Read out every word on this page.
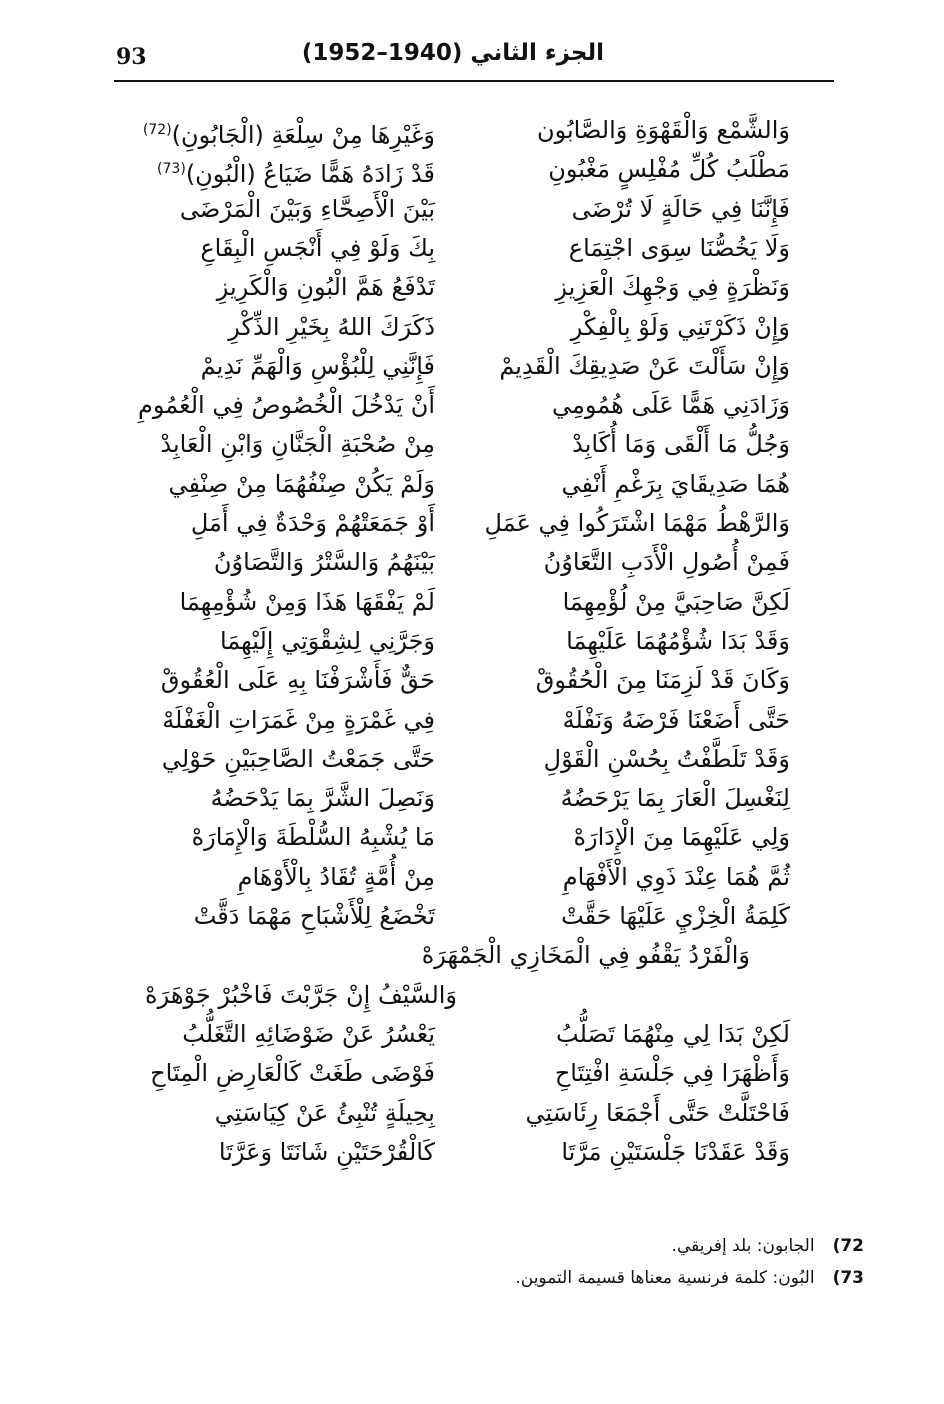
93	الجزء الثاني (1940–1952)
وَالشَّمْع وَالْقَهْوَةِ وَالصَّابُون
وَغَيْرِهَا مِنْ سِلْعَةِ (الْجَابُونِ)$^{(72)}$
مَطْلَبُ كُلِّ مُفْلِسٍ مَغْبُونِ
قَدْ زَادَهُ هَمًّا ضَيَاعُ (الْبُونِ)$^{(73)}$
فَإِنَّنَا فِي حَالَةٍ لَا تُرْضَى
بَيْنَ الْأَصِحَّاءِ وَبَيْنَ الْمَرْضَى
وَلَا يَخُصُّنَا سِوَى اجْتِمَاع
بِكَ وَلَوْ فِي أَنْجَسِ الْبِقَاعِ
وَنَظْرَةٍ فِي وَجْهِكَ الْعَزِيزِ
تَدْفَعُ هَمَّ الْبُونِ وَالْكَرِيزِ
وَإِنْ ذَكَرْتَنِي وَلَوْ بِالْفِكْرِ
ذَكَرَكَ اللهُ بِخَيْرِ الذِّكْرِ
وَإِنْ سَأَلْتَ عَنْ صَدِيقِكَ الْقَدِيمْ
فَإِنَّنِي لِلْبُؤْسِ وَالْهَمِّ نَدِيمْ
وَزَادَنِي هَمًّا عَلَى هُمُومِي
أَنْ يَدْخُلَ الْخُصُوصُ فِي الْعُمُومِ
وَجُلُّ مَا أَلْقَى وَمَا أُكَابِدْ
مِنْ صُحْبَةِ الْجَنَّانِ وَابْنِ الْعَابِدْ
هُمَا صَدِيقَايَ بِرَغْمِ أَنْفِي
وَلَمْ يَكُنْ صِنْفُهُمَا مِنْ صِنْفِي
وَالرَّهْطُ مَهْمَا اشْتَرَكُوا فِي عَمَلِ
أَوْ جَمَعَتْهُمْ وَحْدَةٌ فِي أَمَلِ
فَمِنْ أُصُولِ الْأَدَبِ التَّعَاوُنُ
بَيْنَهُمُ وَالسَّتْرُ وَالتَّصَاوُنُ
لَكِنَّ صَاحِبَيَّ مِنْ لُؤْمِهِمَا
لَمْ يَفْقَهَا هَذَا وَمِنْ شُؤْمِهِمَا
وَقَدْ بَدَا شُؤْمُهُمَا عَلَيْهِمَا
وَجَرَّنِي لِشِقْوَتِي إِلَيْهِمَا
وَكَانَ قَدْ لَزِمَنَا مِنَ الْحُقُوقْ
حَقٌّ فَأَشْرَفْنَا بِهِ عَلَى الْعُقُوقْ
حَتَّى أَضَعْنَا فَرْضَهُ وَنَفْلَهْ
فِي غَمْرَةٍ مِنْ غَمَرَاتِ الْغَفْلَهْ
وَقَدْ تَلَطَّفْتُ بِحُسْنِ الْقَوْلِ
حَتَّى جَمَعْتُ الصَّاحِبَيْنِ حَوْلِي
لِنَغْسِلَ الْعَارَ بِمَا يَرْحَضُهُ
وَنَصِلَ الشَّرَّ بِمَا يَدْحَضُهُ
وَلِي عَلَيْهِمَا مِنَ الْإِدَارَهْ
مَا يُشْبِهُ السُّلْطَةَ وَالْإِمَارَهْ
ثُمَّ هُمَا عِنْدَ ذَوِي الْأَفْهَامِ
مِنْ أُمَّةٍ تُقَادُ بِالْأَوْهَامِ
كَلِمَةُ الْخِزْيِ عَلَيْهَا حَقَّتْ
تَخْضَعُ لِلْأَشْبَاحِ مَهْمَا دَقَّتْ
وَالْفَرْدُ يَقْفُو فِي الْمَخَازِي الْجَمْهَرَهْ
وَالسَّيْفُ إِنْ جَرَّبْتَ فَاخْبُرْ جَوْهَرَهْ
لَكِنْ بَدَا لِي مِنْهُمَا تَصَلُّبُ
يَعْسُرُ عَنْ ضَوْضَائِهِ التَّغَلُّبُ
وَأَظْهَرَا فِي جَلْسَةِ افْتِتَاحِ
فَوْضَى طَغَتْ كَالْعَارِضِ الْمِتَاحِ
فَاحْتَلَّتْ حَتَّى أَجْمَعَا رِئَاسَتِي
بِحِيلَةٍ تُنْبِئُ عَنْ كِيَاسَتِي
وَقَدْ عَقَدْنَا جَلْسَتَيْنِ مَرَّتَا
كَالْقُرْحَتَيْنِ شَانَتَا وَعَرَّتَا
(72الجابون: بلد إفريقي.
(73البُون: كلمة فرنسية معناها قسيمة التموين.
